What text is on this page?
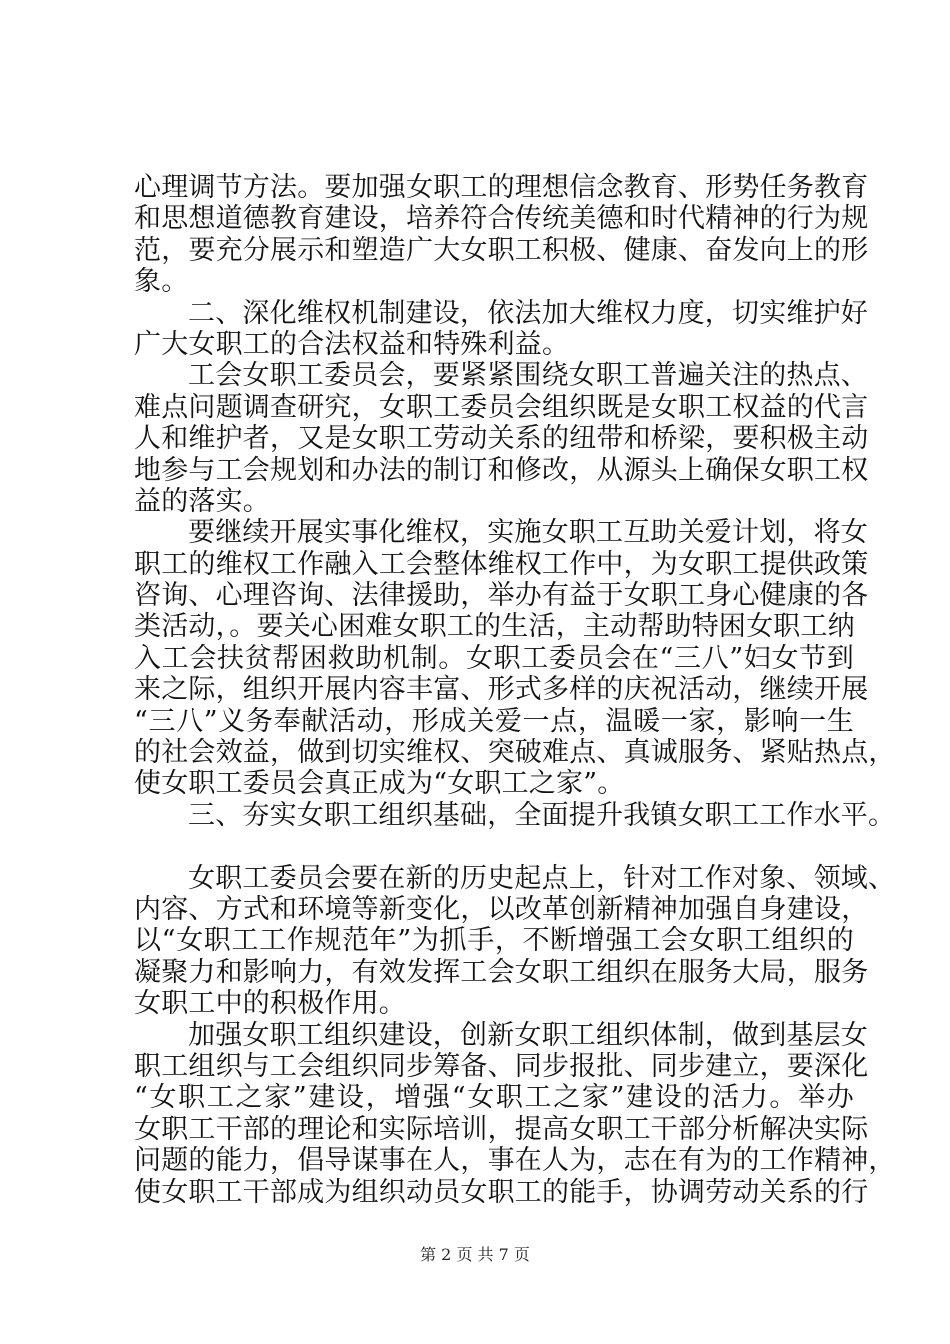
心理调节方法。要加强女职工的理想信念教育、形势任务教育
和思想道德教育建设，培养符合传统美德和时代精神的行为规
范，要充分展示和塑造广大女职工积极、健康、奋发向上的形
象。
二、深化维权机制建设，依法加大维权力度，切实维护好
广大女职工的合法权益和特殊利益。
工会女职工委员会，要紧紧围绕女职工普遍关注的热点、
难点问题调查研究，女职工委员会组织既是女职工权益的代言
人和维护者，又是女职工劳动关系的纽带和桥梁，要积极主动
地参与工会规划和办法的制订和修改，从源头上确保女职工权
益的落实。
要继续开展实事化维权，实施女职工互助关爱计划，将女
职工的维权工作融入工会整体维权工作中，为女职工提供政策
咨询、心理咨询、法律援助，举办有益于女职工身心健康的各
类活动，。要关心困难女职工的生活，主动帮助特困女职工纳
入工会扶贫帮困救助机制。女职工委员会在“三八”妇女节到
来之际，组织开展内容丰富、形式多样的庆祝活动，继续开展
“三八”义务奉献活动，形成关爱一点，温暖一家，影响一生
的社会效益，做到切实维权、突破难点、真诚服务、紧贴热点，
使女职工委员会真正成为“女职工之家”。
三、夯实女职工组织基础，全面提升我镇女职工工作水平。
女职工委员会要在新的历史起点上，针对工作对象、领域、
内容、方式和环境等新变化，以改革创新精神加强自身建设，
以“女职工工作规范年”为抓手，不断增强工会女职工组织的
凝聚力和影响力，有效发挥工会女职工组织在服务大局，服务
女职工中的积极作用。
加强女职工组织建设，创新女职工组织体制，做到基层女
职工组织与工会组织同步筹备、同步报批、同步建立，要深化
“女职工之家”建设，增强“女职工之家”建设的活力。举办
女职工干部的理论和实际培训，提高女职工干部分析解决实际
问题的能力，倡导谋事在人，事在人为，志在有为的工作精神，
使女职工干部成为组织动员女职工的能手，协调劳动关系的行
第 2 页 共 7 页
